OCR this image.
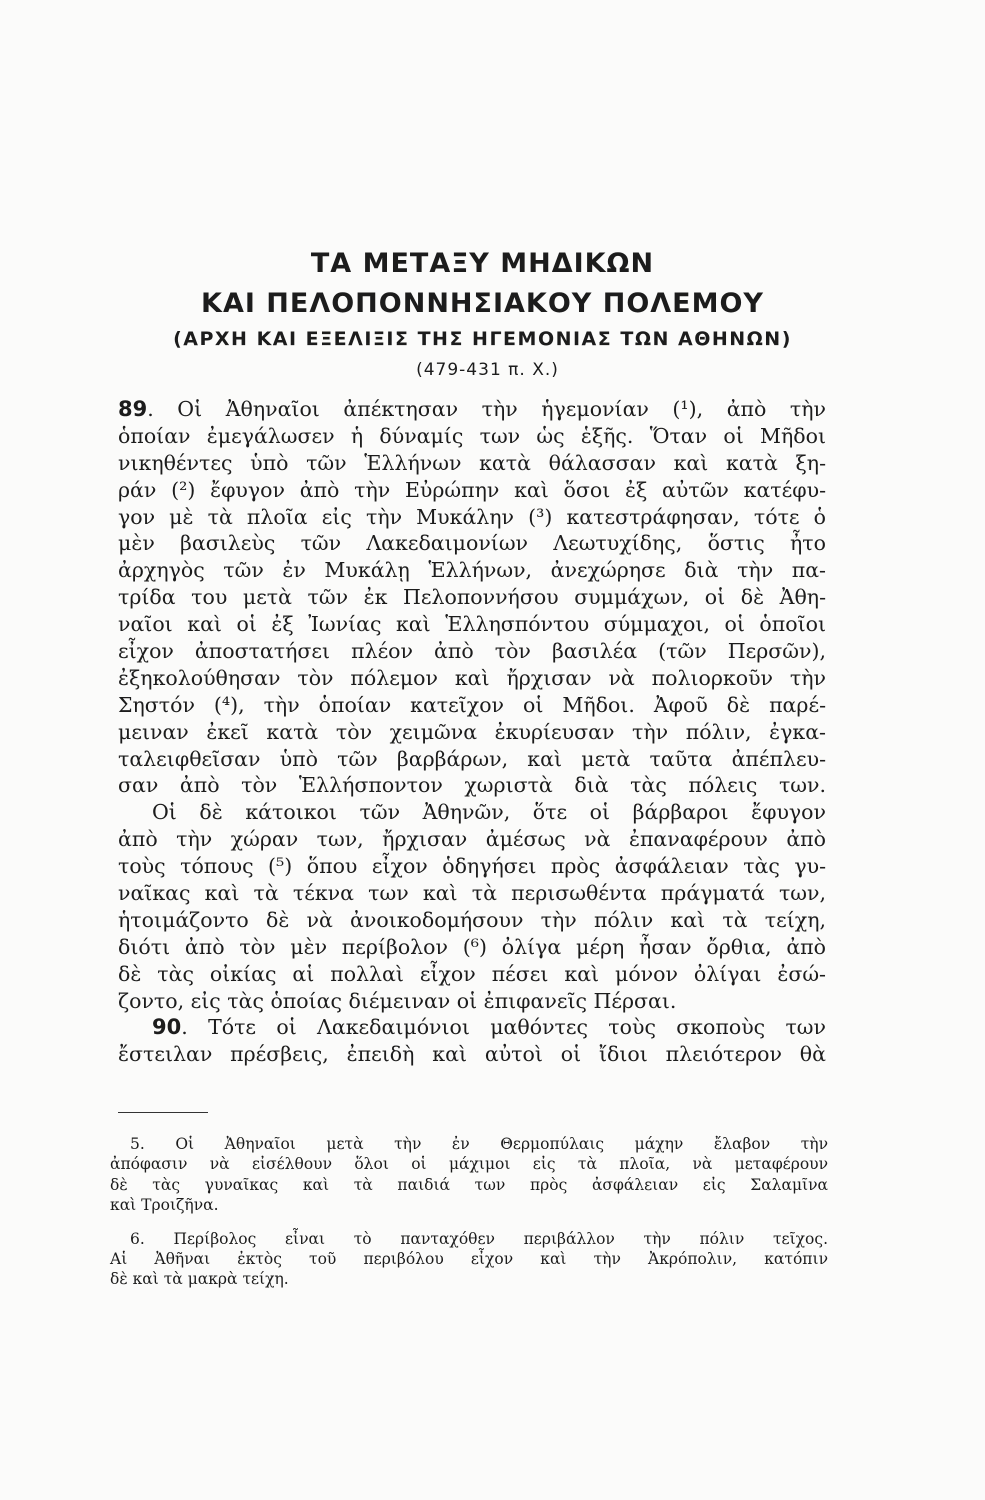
ΤΑ ΜΕΤΑΞΥ ΜΗΔΙΚΩΝ
ΚΑΙ ΠΕΛΟΠΟΝΝΗΣΙΑΚΟΥ ΠΟΛΕΜΟΥ
(ΑΡΧΗ ΚΑΙ ΕΞΕΛΙΞΙΣ ΤΗΣ ΗΓΕΜΟΝΙΑΣ ΤΩΝ ΑΘΗΝΩΝ)
(479-431 π. Χ.)
89. Οἱ Ἀθηναῖοι ἀπέκτησαν τὴν ἡγεμονίαν (¹), ἀπὸ τὴν
ὁποίαν ἐμεγάλωσεν ἡ δύναμίς των ὡς ἑξῆς. Ὅταν οἱ Μῆδοι
νικηθέντες ὑπὸ τῶν Ἑλλήνων κατὰ θάλασσαν καὶ κατὰ ξη-
ράν (²) ἔφυγον ἀπὸ τὴν Εὐρώπην καὶ ὅσοι ἐξ αὐτῶν κατέφυ-
γον μὲ τὰ πλοῖα εἰς τὴν Μυκάλην (³) κατεστράφησαν, τότε ὁ
μὲν βασιλεὺς τῶν Λακεδαιμονίων Λεωτυχίδης, ὅστις ἦτο
ἀρχηγὸς τῶν ἐν Μυκάλῃ Ἑλλήνων, ἀνεχώρησε διὰ τὴν πα-
τρίδα του μετὰ τῶν ἐκ Πελοποννήσου συμμάχων, οἱ δὲ Ἀθη-
ναῖοι καὶ οἱ ἐξ Ἰωνίας καὶ Ἑλλησπόντου σύμμαχοι, οἱ ὁποῖοι
εἶχον ἀποστατήσει πλέον ἀπὸ τὸν βασιλέα (τῶν Περσῶν),
ἐξηκολούθησαν τὸν πόλεμον καὶ ἤρχισαν νὰ πολιορκοῦν τὴν
Σηστόν (⁴), τὴν ὁποίαν κατεῖχον οἱ Μῆδοι. Ἀφοῦ δὲ παρέ-
μειναν ἐκεῖ κατὰ τὸν χειμῶνα ἐκυρίευσαν τὴν πόλιν, ἐγκα-
ταλειφθεῖσαν ὑπὸ τῶν βαρβάρων, καὶ μετὰ ταῦτα ἀπέπλευ-
σαν ἀπὸ τὸν Ἑλλήσποντον χωριστὰ διὰ τὰς πόλεις των.
Οἱ δὲ κάτοικοι τῶν Ἀθηνῶν, ὅτε οἱ βάρβαροι ἔφυγον
ἀπὸ τὴν χώραν των, ἤρχισαν ἀμέσως νὰ ἐπαναφέρουν ἀπὸ
τοὺς τόπους (⁵) ὅπου εἶχον ὁδηγήσει πρὸς ἀσφάλειαν τὰς γυ-
ναῖκας καὶ τὰ τέκνα των καὶ τὰ περισωθέντα πράγματά των,
ἡτοιμάζοντο δὲ νὰ ἀνοικοδομήσουν τὴν πόλιν καὶ τὰ τείχη,
διότι ἀπὸ τὸν μὲν περίβολον (⁶) ὀλίγα μέρη ἦσαν ὄρθια, ἀπὸ
δὲ τὰς οἰκίας αἱ πολλαὶ εἶχον πέσει καὶ μόνον ὀλίγαι ἐσώ-
ζοντο, εἰς τὰς ὁποίας διέμειναν οἱ ἐπιφανεῖς Πέρσαι.
90. Τότε οἱ Λακεδαιμόνιοι μαθόντες τοὺς σκοποὺς των
ἔστειλαν πρέσβεις, ἐπειδὴ καὶ αὐτοὶ οἱ ἴδιοι πλειότερον θὰ
5. Οἱ Ἀθηναῖοι μετὰ τὴν ἐν Θερμοπύλαις μάχην ἔλαβον τὴν
ἀπόφασιν νὰ εἰσέλθουν ὅλοι οἱ μάχιμοι εἰς τὰ πλοῖα, νὰ μεταφέρουν
δὲ τὰς γυναῖκας καὶ τὰ παιδιά των πρὸς ἀσφάλειαν εἰς Σαλαμῖνα
καὶ Τροιζῆνα.
6. Περίβολος εἶναι τὸ πανταχόθεν περιβάλλον τὴν πόλιν τεῖχος.
Αἱ Ἀθῆναι ἐκτὸς τοῦ περιβόλου εἶχον καὶ τὴν Ἀκρόπολιν, κατόπιν
δὲ καὶ τὰ μακρὰ τείχη.
